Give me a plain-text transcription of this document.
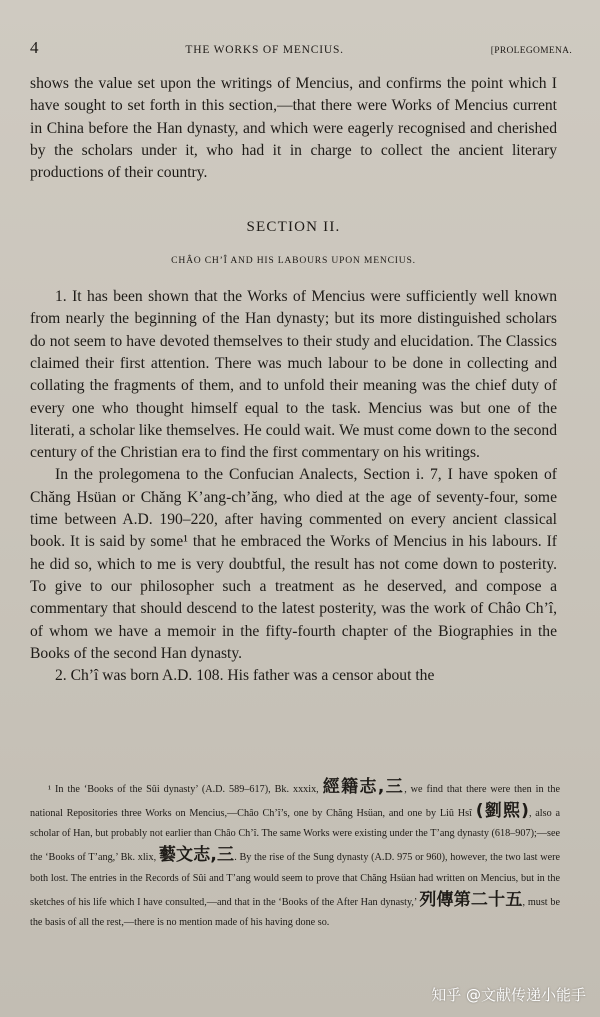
4	THE WORKS OF MENCIUS.	[PROLEGOMENA.

shows the value set upon the writings of Mencius, and confirms the point which I have sought to set forth in this section,—that there were Works of Mencius current in China before the Han dynasty, and which were eagerly recognised and cherished by the scholars under it, who had it in charge to collect the ancient literary productions of their country.

SECTION II.
CHÂO CH’Î AND HIS LABOURS UPON MENCIUS.

1. It has been shown that the Works of Mencius were sufficiently well known from nearly the beginning of the Han dynasty; but its more distinguished scholars do not seem to have devoted themselves to their study and elucidation. The Classics claimed their first attention. There was much labour to be done in collecting and collating the fragments of them, and to unfold their meaning was the chief duty of every one who thought himself equal to the task. Mencius was but one of the literati, a scholar like themselves. He could wait. We must come down to the second century of the Christian era to find the first commentary on his writings.

In the prolegomena to the Confucian Analects, Section i. 7, I have spoken of Chăng Hsüan or Chăng K’ang-ch’ăng, who died at the age of seventy-four, some time between A.D. 190–220, after having commented on every ancient classical book. It is said by some¹ that he embraced the Works of Mencius in his labours. If he did so, which to me is very doubtful, the result has not come down to posterity. To give to our philosopher such a treatment as he deserved, and compose a commentary that should descend to the latest posterity, was the work of Châo Ch’î, of whom we have a memoir in the fifty-fourth chapter of the Biographies in the Books of the second Han dynasty.

2. Ch’î was born A.D. 108. His father was a censor about the

¹ In the ‘Books of the Sûi dynasty’ (A.D. 589–617), Bk. xxxix, 經籍志,三, we find that there were then in the national Repositories three Works on Mencius,—Châo Ch’î’s, one by Chăng Hsüan, and one by Liû Hsî (劉熙), also a scholar of Han, but probably not earlier than Châo Ch’î. The same Works were existing under the T’ang dynasty (618–907);—see the ‘Books of T’ang,’ Bk. xlix, 藝文志,三. By the rise of the Sung dynasty (A.D. 975 or 960), however, the two last were both lost. The entries in the Records of Sûi and T’ang would seem to prove that Chăng Hsüan had written on Mencius, but in the sketches of his life which I have consulted,—and that in the ‘Books of the After Han dynasty,’ 列傳第二十五, must be the basis of all the rest,—there is no mention made of his having done so.

知乎 @文献传递小能手
